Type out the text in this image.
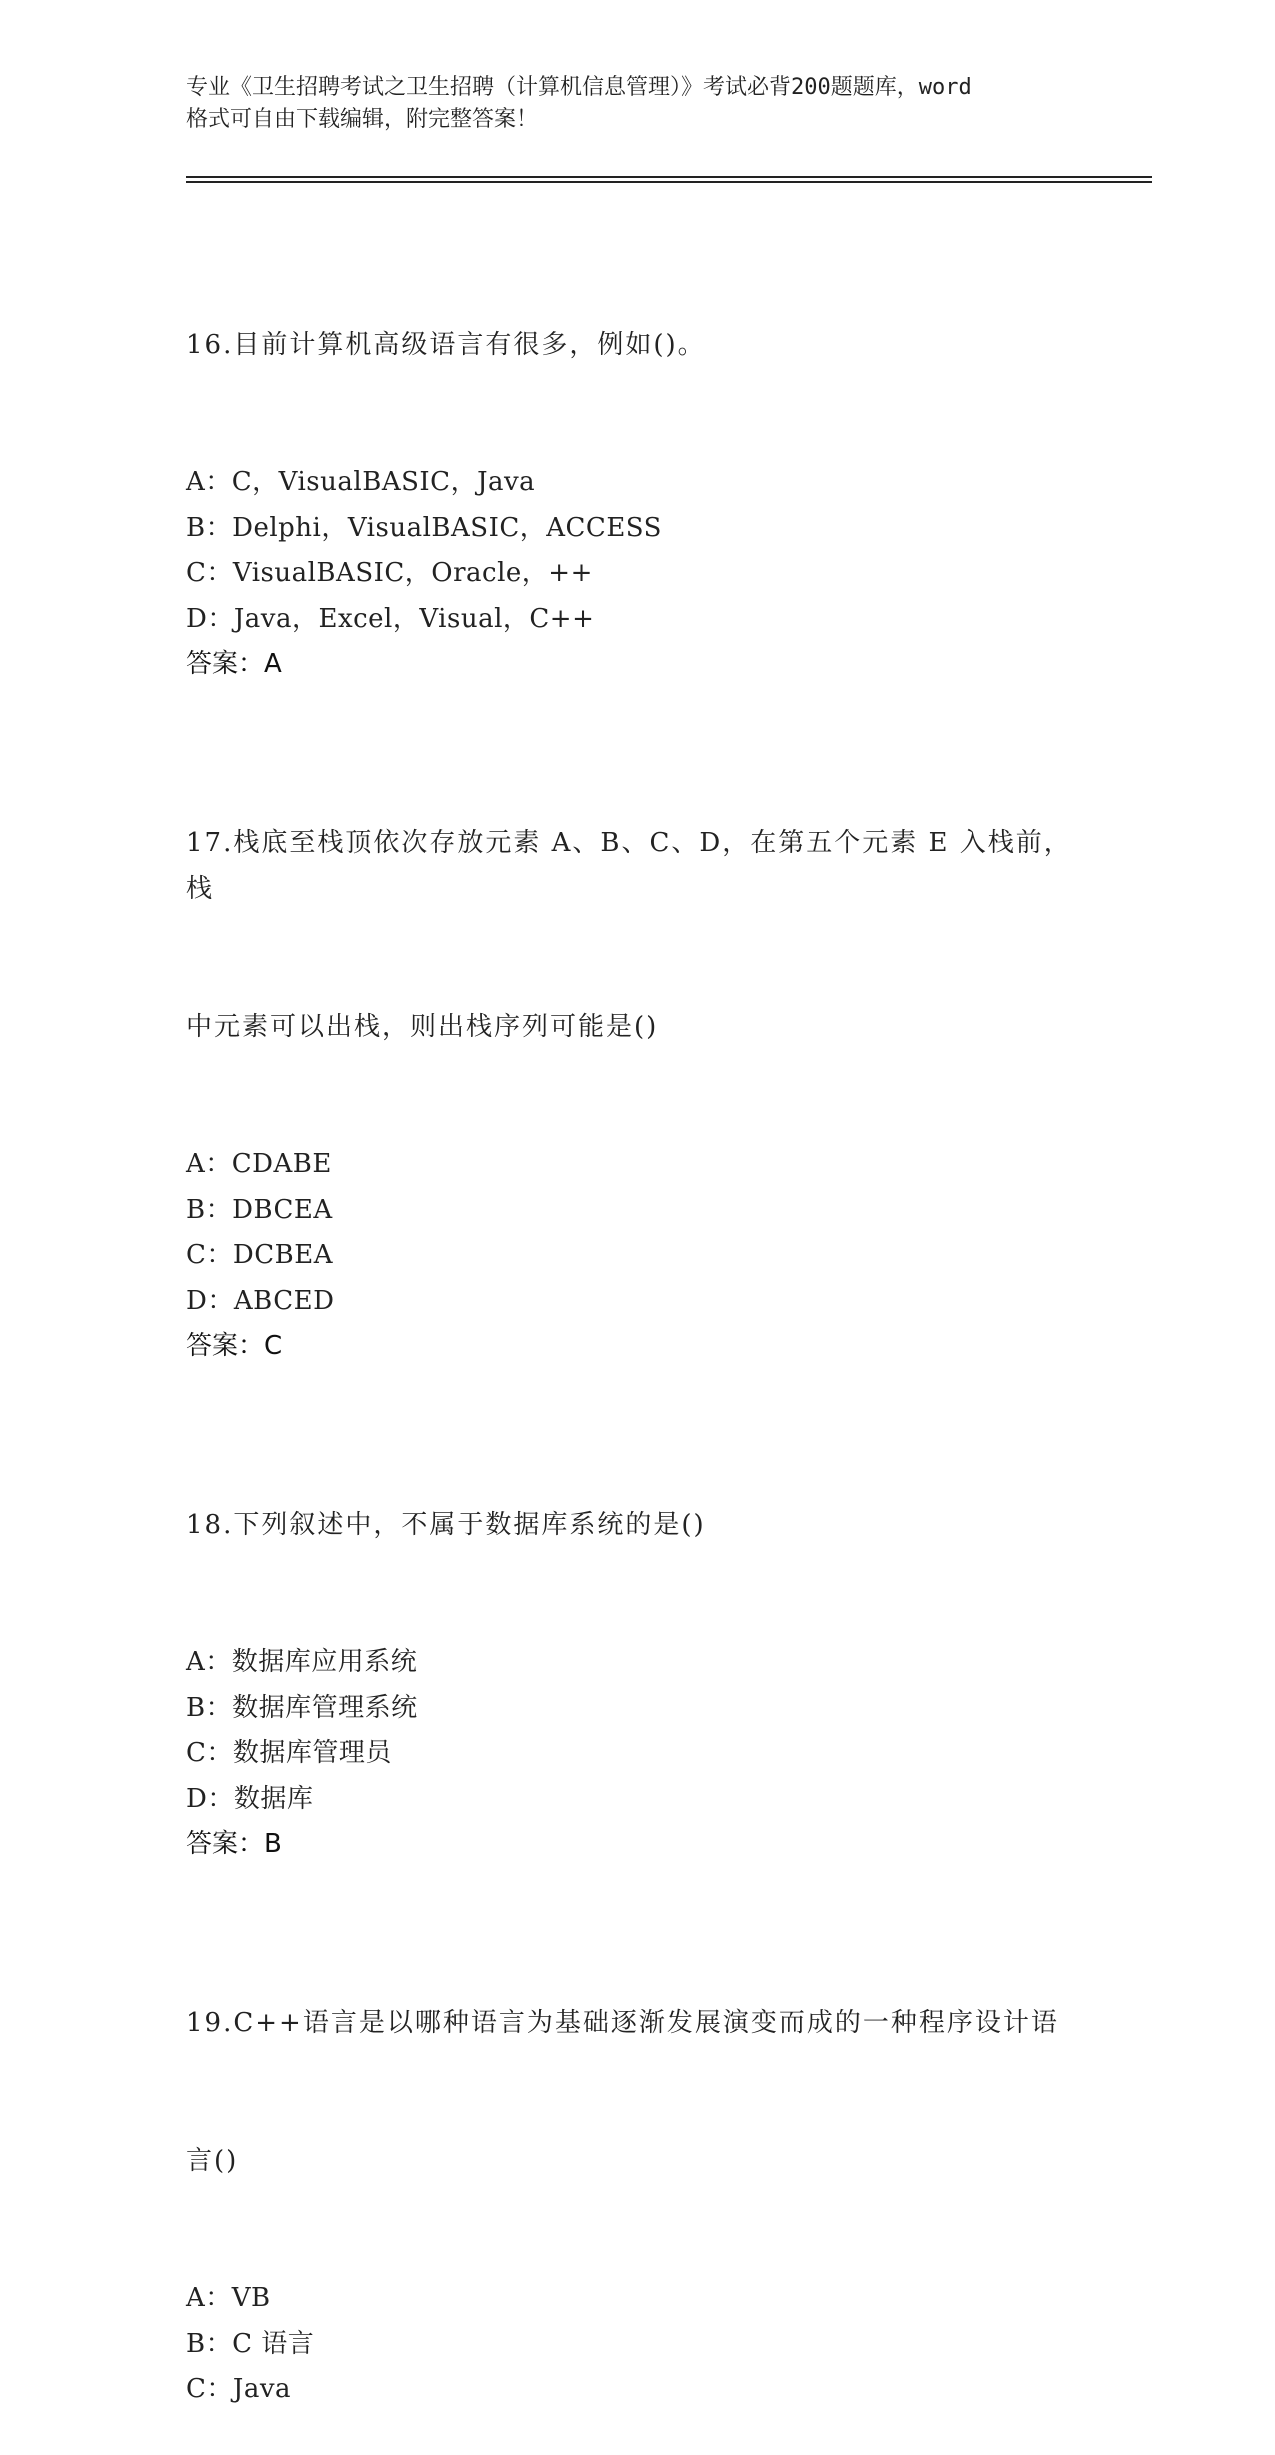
专业《卫生招聘考试之卫生招聘（计算机信息管理）》考试必背200题题库，word
格式可自由下载编辑，附完整答案！

16.目前计算机高级语言有很多，例如()。

A：C，VisualBASIC，Java
B：Delphi，VisualBASIC，ACCESS
C：VisualBASIC，Oracle，++
D：Java，Excel，Visual，C++
答案：A

17.栈底至栈顶依次存放元素 A、B、C、D，在第五个元素 E 入栈前，栈

中元素可以出栈，则出栈序列可能是()

A：CDABE
B：DBCEA
C：DCBEA
D：ABCED
答案：C

18.下列叙述中，不属于数据库系统的是()

A：数据库应用系统
B：数据库管理系统
C：数据库管理员
D：数据库
答案：B

19.C++语言是以哪种语言为基础逐渐发展演变而成的一种程序设计语

言()

A：VB
B：C 语言
C：Java
